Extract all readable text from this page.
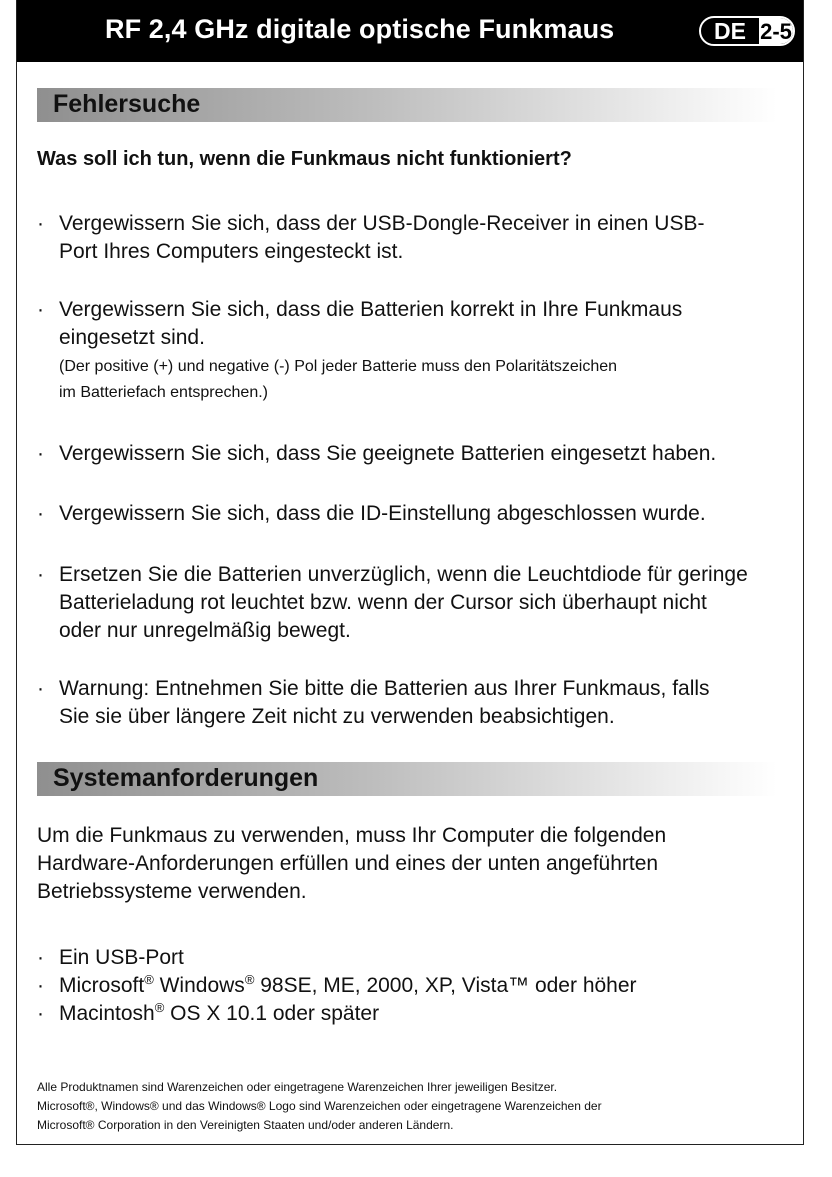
RF 2,4 GHz digitale optische Funkmaus	DE 2-5
Fehlersuche
Was soll ich tun, wenn die Funkmaus nicht funktioniert?
· Vergewissern Sie sich, dass der USB-Dongle-Receiver in einen USB-
Port Ihres Computers eingesteckt ist.
· Vergewissern Sie sich, dass die Batterien korrekt in Ihre Funkmaus
eingesetzt sind.
(Der positive (+) und negative (-) Pol jeder Batterie muss den Polaritätszeichen
im Batteriefach entsprechen.)
· Vergewissern Sie sich, dass Sie geeignete Batterien eingesetzt haben.
· Vergewissern Sie sich, dass die ID-Einstellung abgeschlossen wurde.
· Ersetzen Sie die Batterien unverzüglich, wenn die Leuchtdiode für geringe
Batterieladung rot leuchtet bzw. wenn der Cursor sich überhaupt nicht
oder nur unregelmäßig bewegt.
· Warnung: Entnehmen Sie bitte die Batterien aus Ihrer Funkmaus, falls
Sie sie über längere Zeit nicht zu verwenden beabsichtigen.
Systemanforderungen
Um die Funkmaus zu verwenden, muss Ihr Computer die folgenden
Hardware-Anforderungen erfüllen und eines der unten angeführten
Betriebssysteme verwenden.
· Ein USB-Port
· Microsoft® Windows® 98SE, ME, 2000, XP, Vista™ oder höher
· Macintosh® OS X 10.1 oder später

Alle Produktnamen sind Warenzeichen oder eingetragene Warenzeichen Ihrer jeweiligen Besitzer.

Microsoft®, Windows® und das Windows® Logo sind Warenzeichen oder eingetragene Warenzeichen der

Microsoft® Corporation in den Vereinigten Staaten und/oder anderen Ländern.
